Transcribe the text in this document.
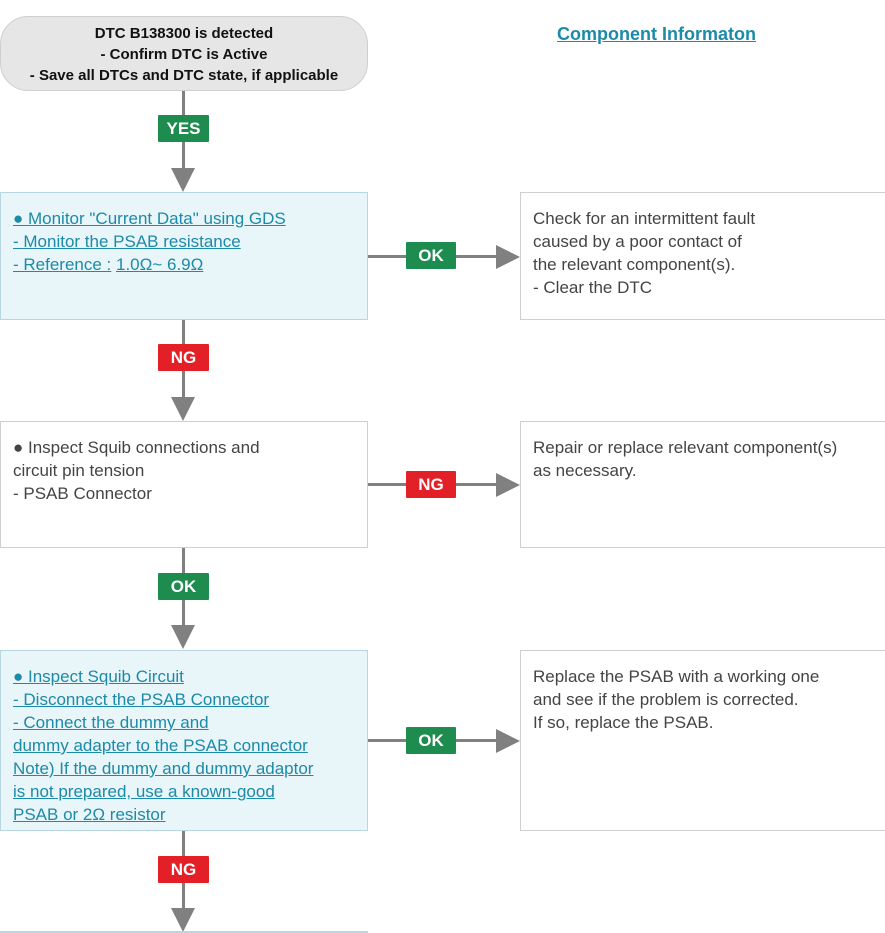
DTC B138300 is detected
- Confirm DTC is Active
- Save all DTCs and DTC state, if applicable
Component Informaton
YES
● Monitor "Current Data" using GDS
- Monitor the PSAB resistance
- Reference : 1.0Ω~ 6.9Ω	OK
Check for an intermittent fault
caused by a poor contact of
the relevant component(s).
- Clear the DTC
NG
● Inspect Squib connections and
circuit pin tension
- PSAB Connector	NG
Repair or replace relevant component(s)
as necessary.
OK
● Inspect Squib Circuit
- Disconnect the PSAB Connector
- Connect the dummy and
dummy adapter to the PSAB connector
Note) If the dummy and dummy adaptor
is not prepared, use a known-good
PSAB or 2Ω resistor
OK
Replace the PSAB with a working one
and see if the problem is corrected.
If so, replace the PSAB.
NG
